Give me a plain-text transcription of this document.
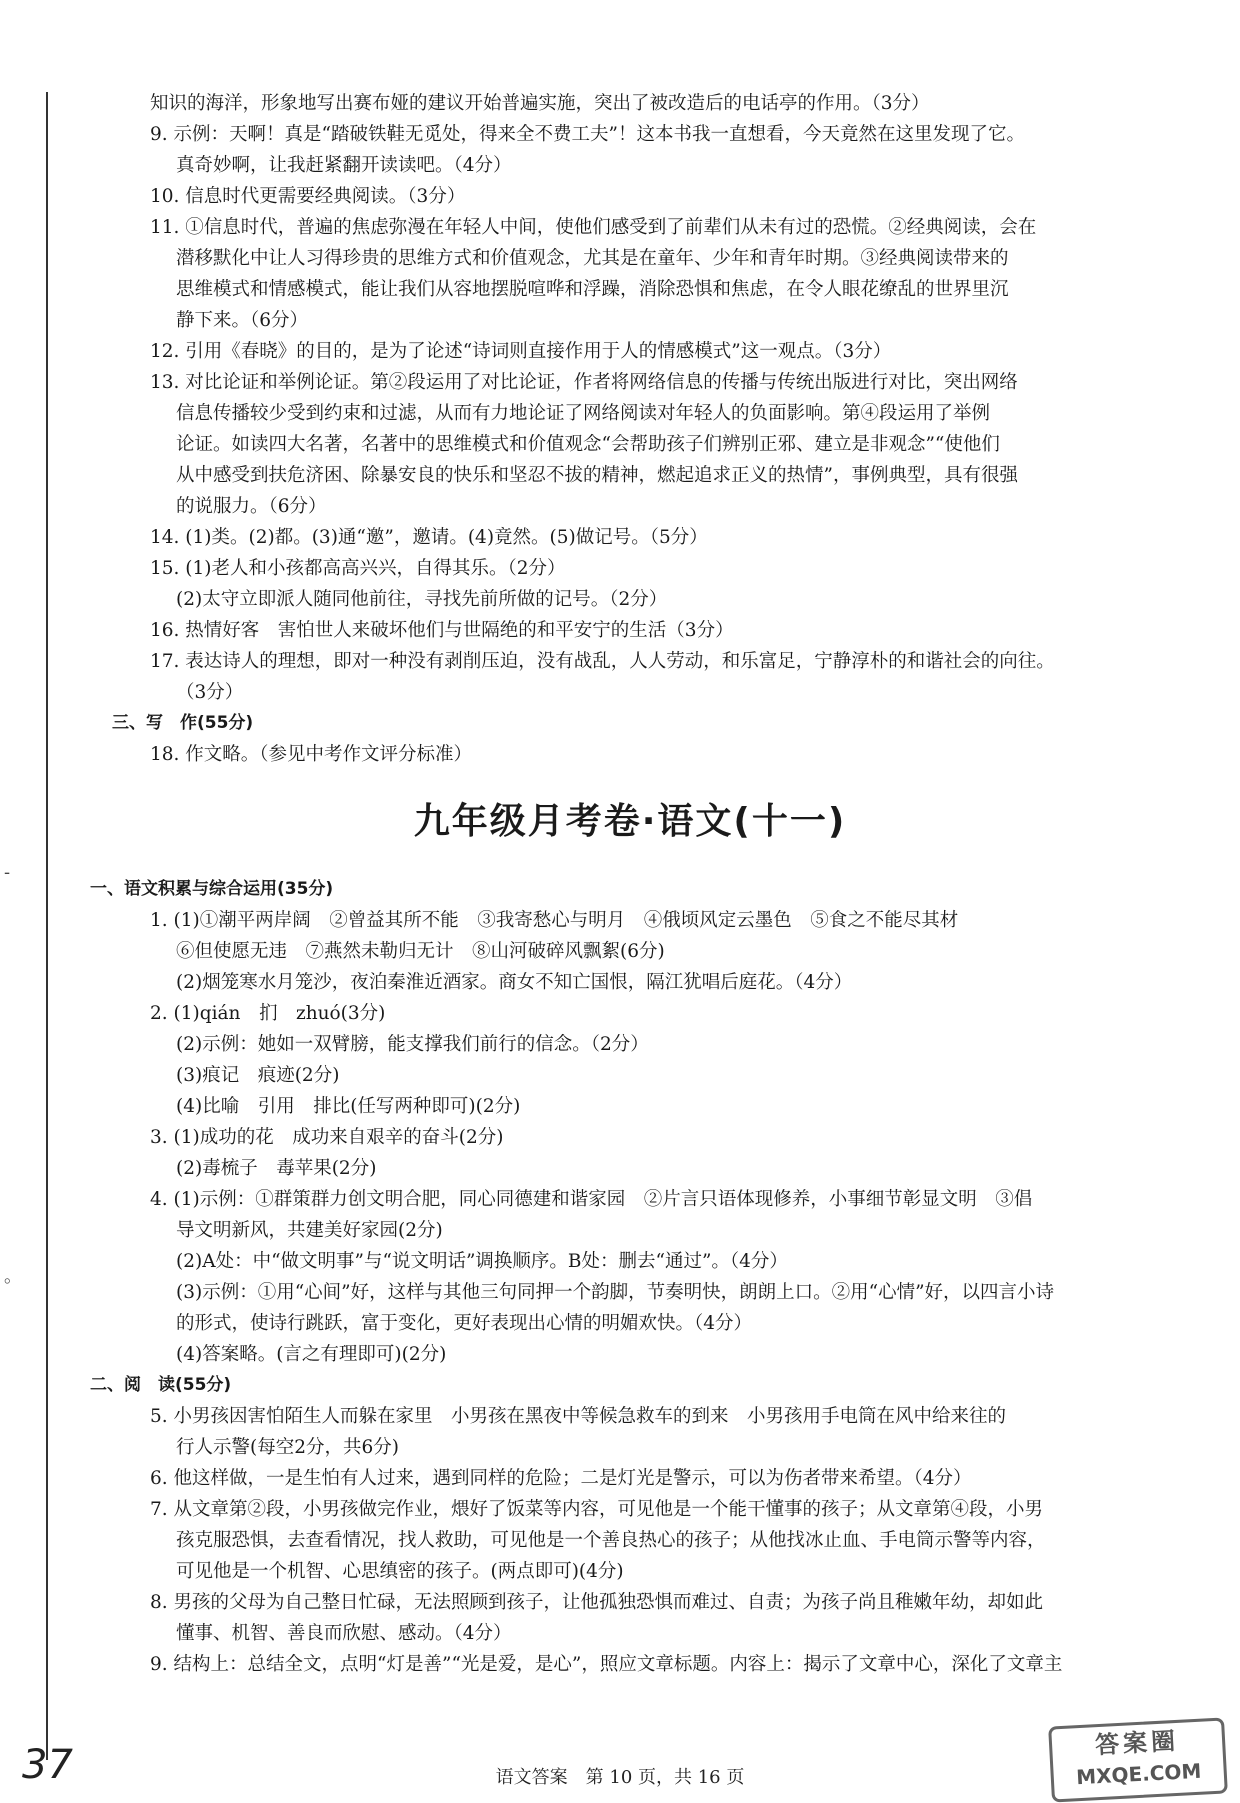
-
。
知识的海洋，形象地写出赛布娅的建议开始普遍实施，突出了被改造后的电话亭的作用。（3分）
9. 示例：天啊！真是“踏破铁鞋无觅处，得来全不费工夫”！这本书我一直想看，今天竟然在这里发现了它。
真奇妙啊，让我赶紧翻开读读吧。（4分）
10. 信息时代更需要经典阅读。（3分）
11. ①信息时代，普遍的焦虑弥漫在年轻人中间，使他们感受到了前辈们从未有过的恐慌。②经典阅读，会在
潜移默化中让人习得珍贵的思维方式和价值观念，尤其是在童年、少年和青年时期。③经典阅读带来的
思维模式和情感模式，能让我们从容地摆脱喧哗和浮躁，消除恐惧和焦虑，在令人眼花缭乱的世界里沉
静下来。（6分）
12. 引用《春晓》的目的，是为了论述“诗词则直接作用于人的情感模式”这一观点。（3分）
13. 对比论证和举例论证。第②段运用了对比论证，作者将网络信息的传播与传统出版进行对比，突出网络
信息传播较少受到约束和过滤，从而有力地论证了网络阅读对年轻人的负面影响。第④段运用了举例
论证。如读四大名著，名著中的思维模式和价值观念“会帮助孩子们辨别正邪、建立是非观念”“使他们
从中感受到扶危济困、除暴安良的快乐和坚忍不拔的精神，燃起追求正义的热情”，事例典型，具有很强
的说服力。（6分）
14. (1)类。(2)都。(3)通“邀”，邀请。(4)竟然。(5)做记号。（5分）
15. (1)老人和小孩都高高兴兴，自得其乐。（2分）
(2)太守立即派人随同他前往，寻找先前所做的记号。（2分）
16. 热情好客　害怕世人来破坏他们与世隔绝的和平安宁的生活（3分）
17. 表达诗人的理想，即对一种没有剥削压迫，没有战乱，人人劳动，和乐富足，宁静淳朴的和谐社会的向往。
（3分）
三、写　作(55分)
18. 作文略。（参见中考作文评分标准）
九年级月考卷·语文(十一)
一、语文积累与综合运用(35分)
1. (1)①潮平两岸阔　②曾益其所不能　③我寄愁心与明月　④俄顷风定云墨色　⑤食之不能尽其材
⑥但使愿无违　⑦燕然未勒归无计　⑧山河破碎风飘絮(6分)
(2)烟笼寒水月笼沙，夜泊秦淮近酒家。商女不知亡国恨，隔江犹唱后庭花。（4分）
2. (1)qián　扪　zhuó(3分)
(2)示例：她如一双臂膀，能支撑我们前行的信念。（2分）
(3)痕记　痕迹(2分)
(4)比喻　引用　排比(任写两种即可)(2分)
3. (1)成功的花　成功来自艰辛的奋斗(2分)
(2)毒梳子　毒苹果(2分)
4. (1)示例：①群策群力创文明合肥，同心同德建和谐家园　②片言只语体现修养，小事细节彰显文明　③倡
导文明新风，共建美好家园(2分)
(2)A处：中“做文明事”与“说文明话”调换顺序。B处：删去“通过”。（4分）
(3)示例：①用“心间”好，这样与其他三句同押一个韵脚，节奏明快，朗朗上口。②用“心情”好，以四言小诗
的形式，使诗行跳跃，富于变化，更好表现出心情的明媚欢快。（4分）
(4)答案略。(言之有理即可)(2分)
二、阅　读(55分)
5. 小男孩因害怕陌生人而躲在家里　小男孩在黑夜中等候急救车的到来　小男孩用手电筒在风中给来往的
行人示警(每空2分，共6分)
6. 他这样做，一是生怕有人过来，遇到同样的危险；二是灯光是警示，可以为伤者带来希望。（4分）
7. 从文章第②段，小男孩做完作业，煨好了饭菜等内容，可见他是一个能干懂事的孩子；从文章第④段，小男
孩克服恐惧，去查看情况，找人救助，可见他是一个善良热心的孩子；从他找冰止血、手电筒示警等内容，
可见他是一个机智、心思缜密的孩子。(两点即可)(4分)
8. 男孩的父母为自己整日忙碌，无法照顾到孩子，让他孤独恐惧而难过、自责；为孩子尚且稚嫩年幼，却如此
懂事、机智、善良而欣慰、感动。（4分）
9. 结构上：总结全文，点明“灯是善”“光是爱，是心”，照应文章标题。内容上：揭示了文章中心，深化了文章主
37	语文答案　第 10 页，共 16 页
答案圈
MXQE.COM
